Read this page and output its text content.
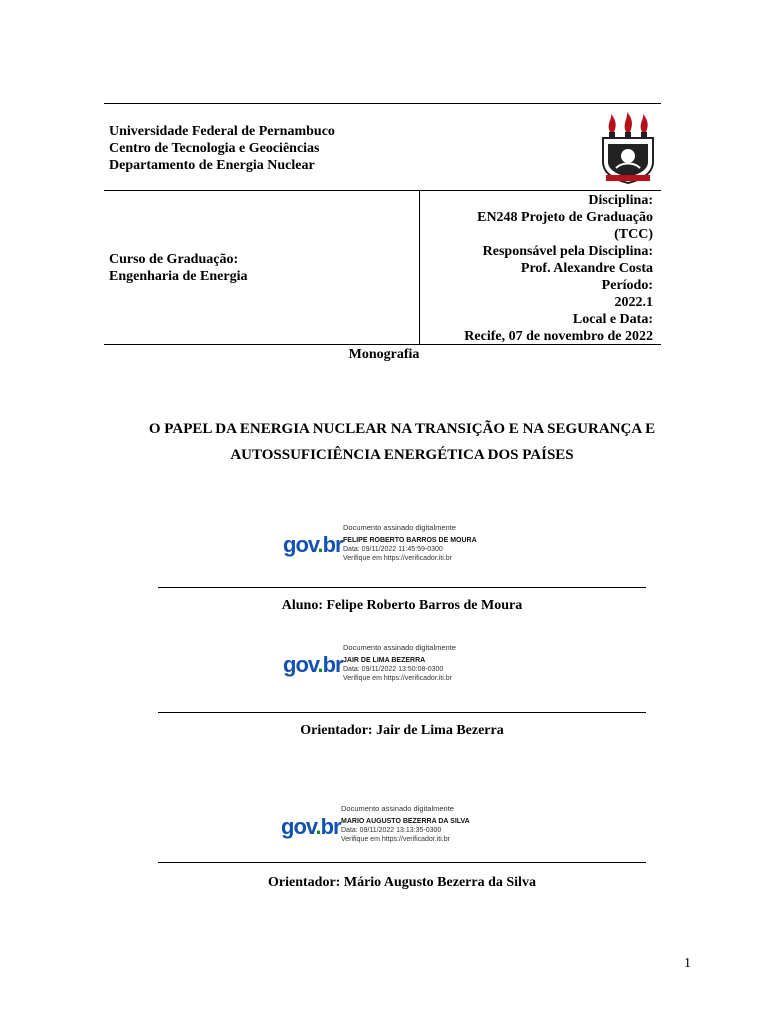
Universidade Federal de Pernambuco
Centro de Tecnologia e Geociências
Departamento de Energia Nuclear
Curso de Graduação:
Engenharia de Energia
Disciplina:
EN248 Projeto de Graduação
(TCC)
Responsável pela Disciplina:
Prof. Alexandre Costa
Período:
2022.1
Local e Data:
Recife, 07 de novembro de 2022
Monografia
O PAPEL DA ENERGIA NUCLEAR NA TRANSIÇÃO E NA SEGURANÇA E
AUTOSSUFICIÊNCIA ENERGÉTICA DOS PAÍSES
gov.br
Documento assinado digitalmente
FELIPE ROBERTO BARROS DE MOURA
Data: 09/11/2022 11:45:59-0300
Verifique em https://verificador.iti.br
Aluno: Felipe Roberto Barros de Moura
gov.br
Documento assinado digitalmente
JAIR DE LIMA BEZERRA
Data: 09/11/2022 13:50:08-0300
Verifique em https://verificador.iti.br
Orientador: Jair de Lima Bezerra
gov.br
Documento assinado digitalmente
MARIO AUGUSTO BEZERRA DA SILVA
Data: 09/11/2022 13:13:35-0300
Verifique em https://verificador.iti.br
Orientador: Mário Augusto Bezerra da Silva
1
